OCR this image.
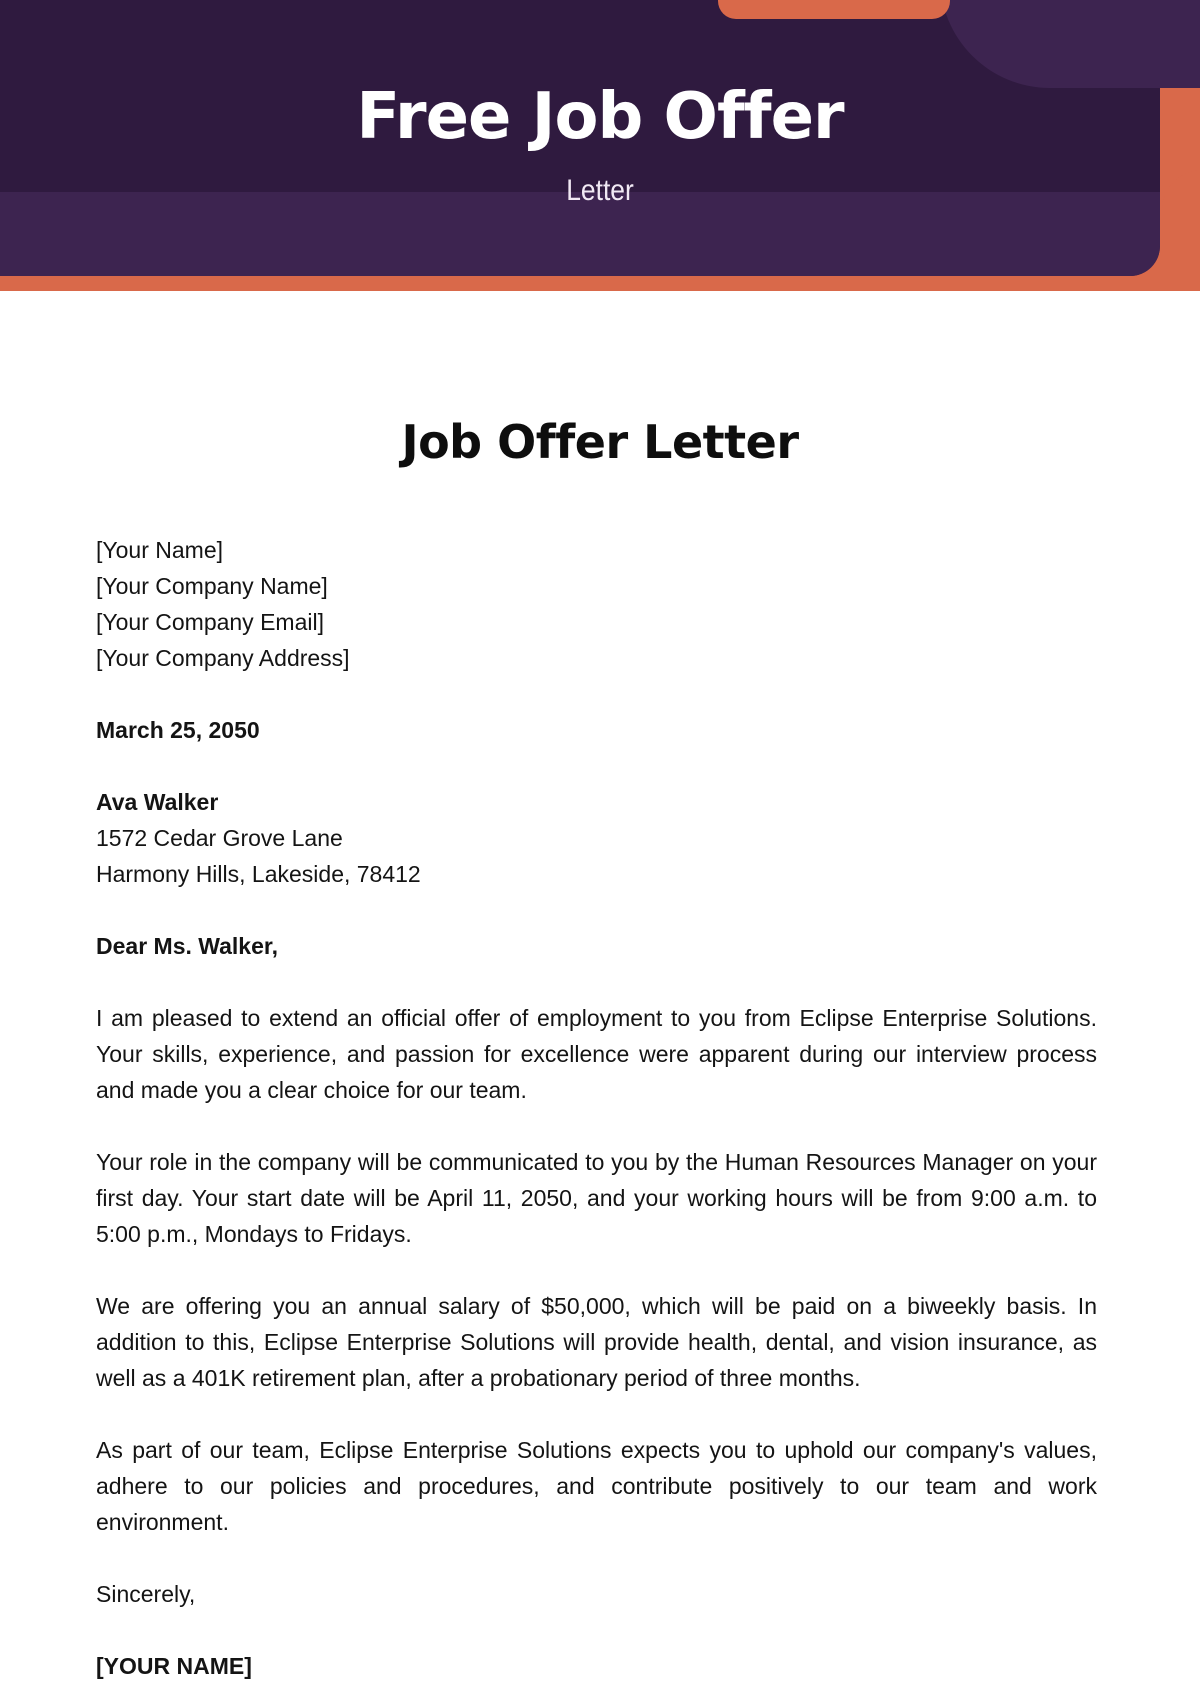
Free Job Offer
Letter
Job Offer Letter
[Your Name]
[Your Company Name]
[Your Company Email]
[Your Company Address]
March 25, 2050
Ava Walker
1572 Cedar Grove Lane
Harmony Hills, Lakeside, 78412
Dear Ms. Walker,

I am pleased to extend an official offer of employment to you from Eclipse Enterprise Solutions. Your skills, experience, and passion for excellence were apparent during our interview process and made you a clear choice for our team.

Your role in the company will be communicated to you by the Human Resources Manager on your first day. Your start date will be April 11, 2050, and your working hours will be from 9:00 a.m. to 5:00 p.m., Mondays to Fridays.

We are offering you an annual salary of $50,000, which will be paid on a biweekly basis. In addition to this, Eclipse Enterprise Solutions will provide health, dental, and vision insurance, as well as a 401K retirement plan, after a probationary period of three months.

As part of our team, Eclipse Enterprise Solutions expects you to uphold our company's values, adhere to our policies and procedures, and contribute positively to our team and work environment.

Sincerely,
[YOUR NAME]
